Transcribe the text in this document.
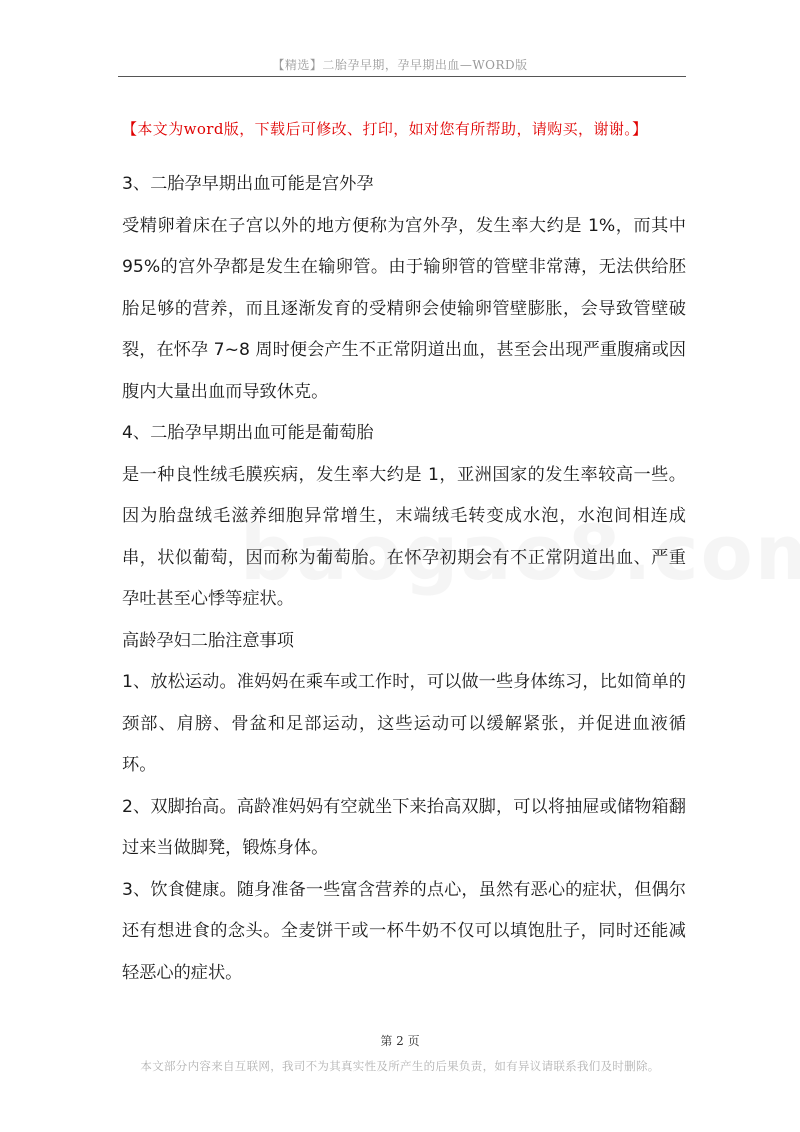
【精选】二胎孕早期，孕早期出血—WORD版
【本文为word版，下载后可修改、打印，如对您有所帮助，请购买，谢谢。】

3、二胎孕早期出血可能是宫外孕

受精卵着床在子宫以外的地方便称为宫外孕，发生率大约是 1%，而其中 95%的宫外孕都是发生在输卵管。由于输卵管的管壁非常薄，无法供给胚胎足够的营养，而且逐渐发育的受精卵会使输卵管壁膨胀，会导致管壁破裂，在怀孕 7~8 周时便会产生不正常阴道出血，甚至会出现严重腹痛或因腹内大量出血而导致休克。

4、二胎孕早期出血可能是葡萄胎

是一种良性绒毛膜疾病，发生率大约是 1，亚洲国家的发生率较高一些。因为胎盘绒毛滋养细胞异常增生，末端绒毛转变成水泡，水泡间相连成串，状似葡萄，因而称为葡萄胎。在怀孕初期会有不正常阴道出血、严重孕吐甚至心悸等症状。

高龄孕妇二胎注意事项

1、放松运动。准妈妈在乘车或工作时，可以做一些身体练习，比如简单的颈部、肩膀、骨盆和足部运动，这些运动可以缓解紧张，并促进血液循环。

2、双脚抬高。高龄准妈妈有空就坐下来抬高双脚，可以将抽屉或储物箱翻过来当做脚凳，锻炼身体。

3、饮食健康。随身准备一些富含营养的点心，虽然有恶心的症状，但偶尔还有想进食的念头。全麦饼干或一杯牛奶不仅可以填饱肚子，同时还能减轻恶心的症状。

第 2 页
本文部分内容来自互联网，我司不为其真实性及所产生的后果负责，如有异议请联系我们及时删除。
